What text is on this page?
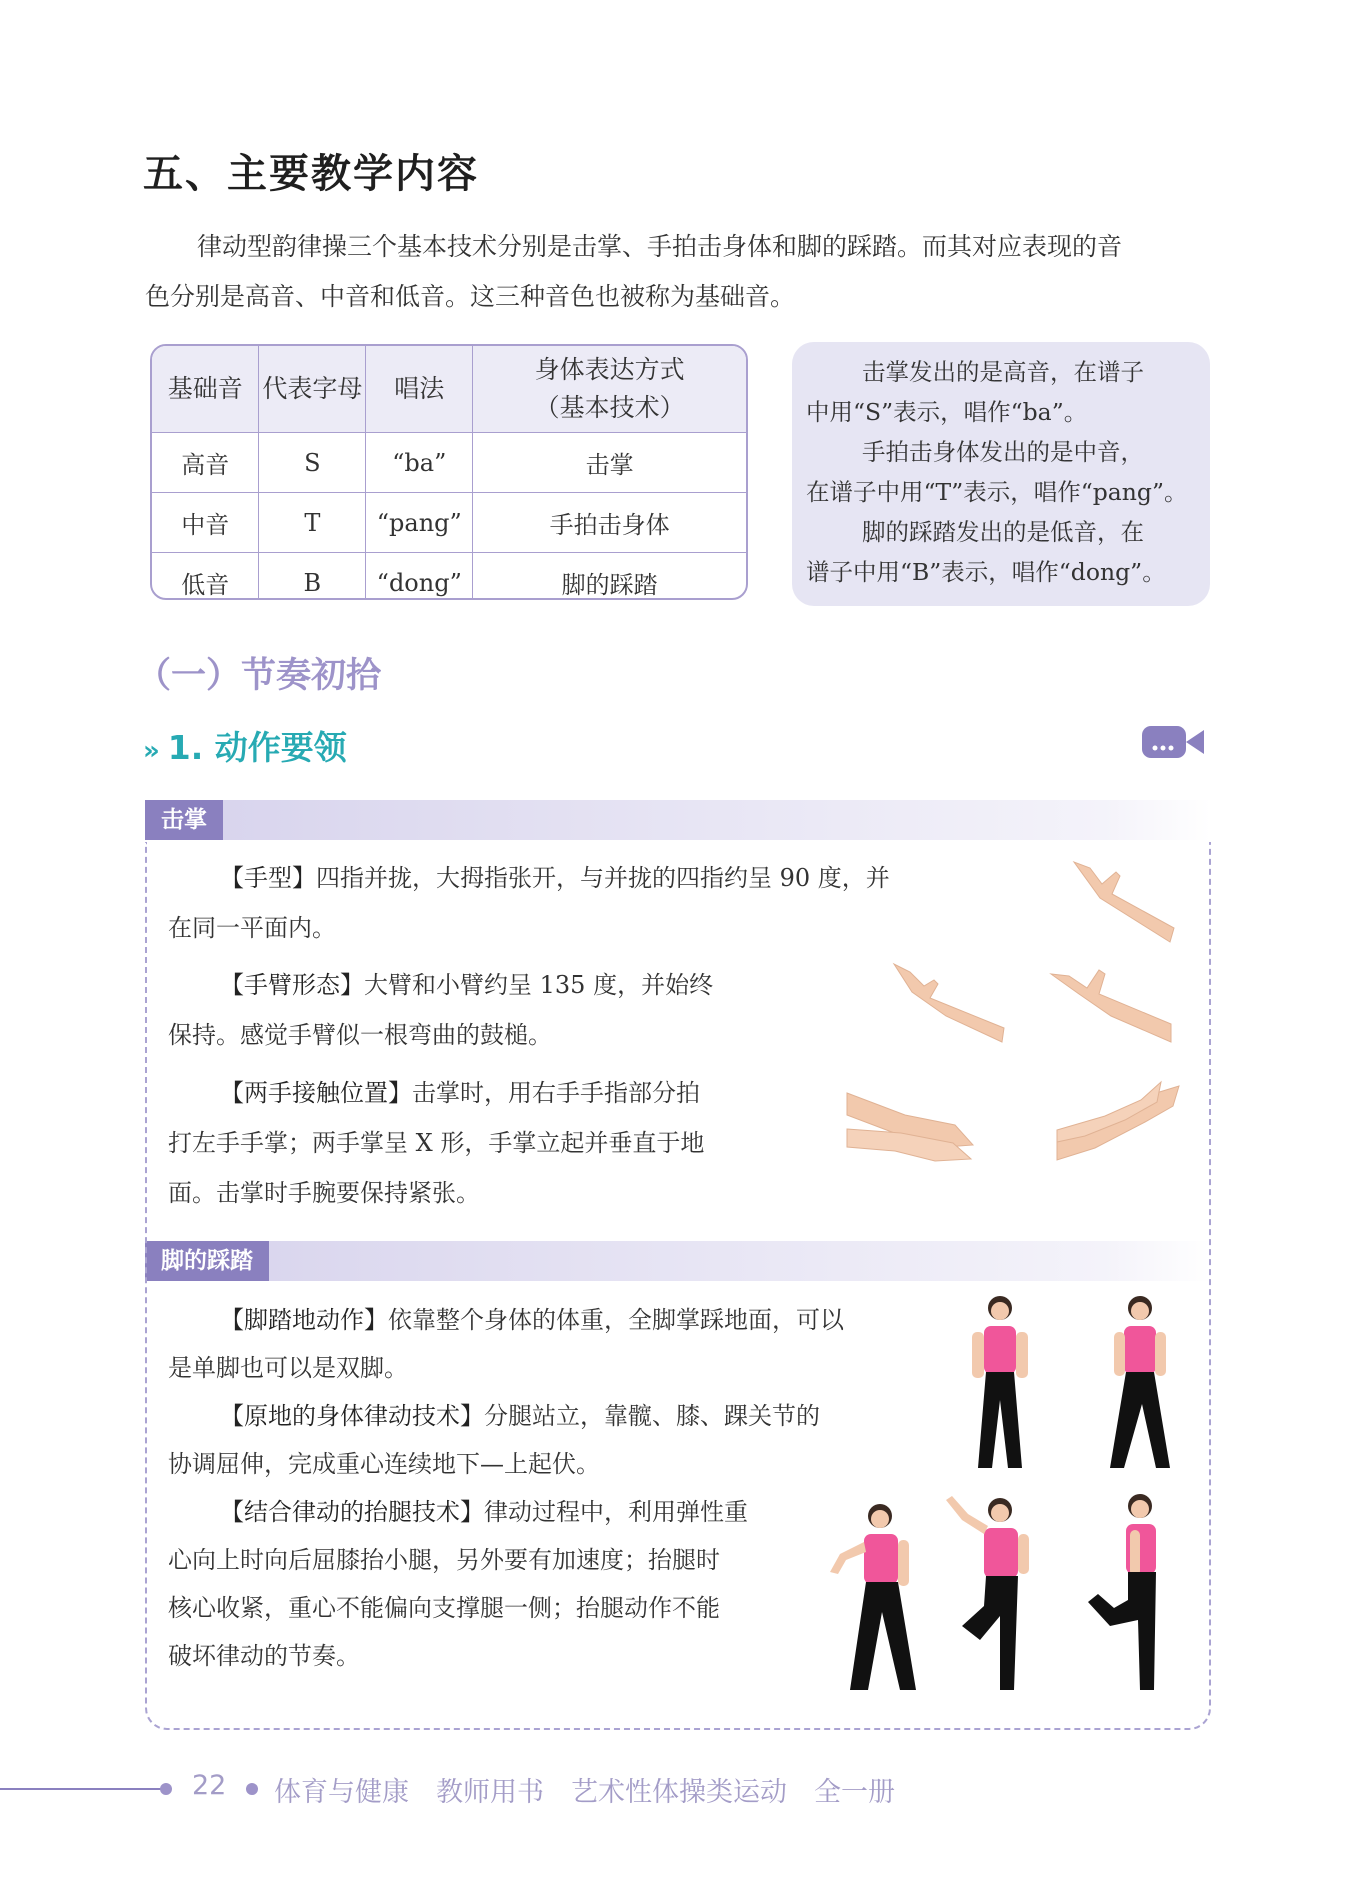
五、主要教学内容

律动型韵律操三个基本技术分别是击掌、手拍击身体和脚的踩踏。而其对应表现的音

色分别是高音、中音和低音。这三种音色也被称为基础音。

基础音	代表字母	唱法	身体表达方式
（基本技术）

高音	S	“ba”	击掌
中音	T	“pang”	手拍击身体
低音	B	“dong”	脚的踩踏

击掌发出的是高音，在谱子

中用“S”表示，唱作“ba”。

手拍击身体发出的是中音，

在谱子中用“T”表示，唱作“pang”。

脚的踩踏发出的是低音，在

谱子中用“B”表示，唱作“dong”。

（一）节奏初拾
» 1. 动作要领
击掌
脚的踩踏

【手型】四指并拢，大拇指张开，与并拢的四指约呈 90 度，并

在同一平面内。

【手臂形态】大臂和小臂约呈 135 度，并始终

保持。感觉手臂似一根弯曲的鼓槌。

【两手接触位置】击掌时，用右手手指部分拍

打左手手掌；两手掌呈 X 形，手掌立起并垂直于地

面。击掌时手腕要保持紧张。

【脚踏地动作】依靠整个身体的体重，全脚掌踩地面，可以

是单脚也可以是双脚。

【原地的身体律动技术】分腿站立，靠髋、膝、踝关节的

协调屈伸，完成重心连续地下—上起伏。

【结合律动的抬腿技术】律动过程中，利用弹性重

心向上时向后屈膝抬小腿，另外要有加速度；抬腿时

核心收紧，重心不能偏向支撑腿一侧；抬腿动作不能

破坏律动的节奏。

22 体育与健康　教师用书　艺术性体操类运动　全一册
